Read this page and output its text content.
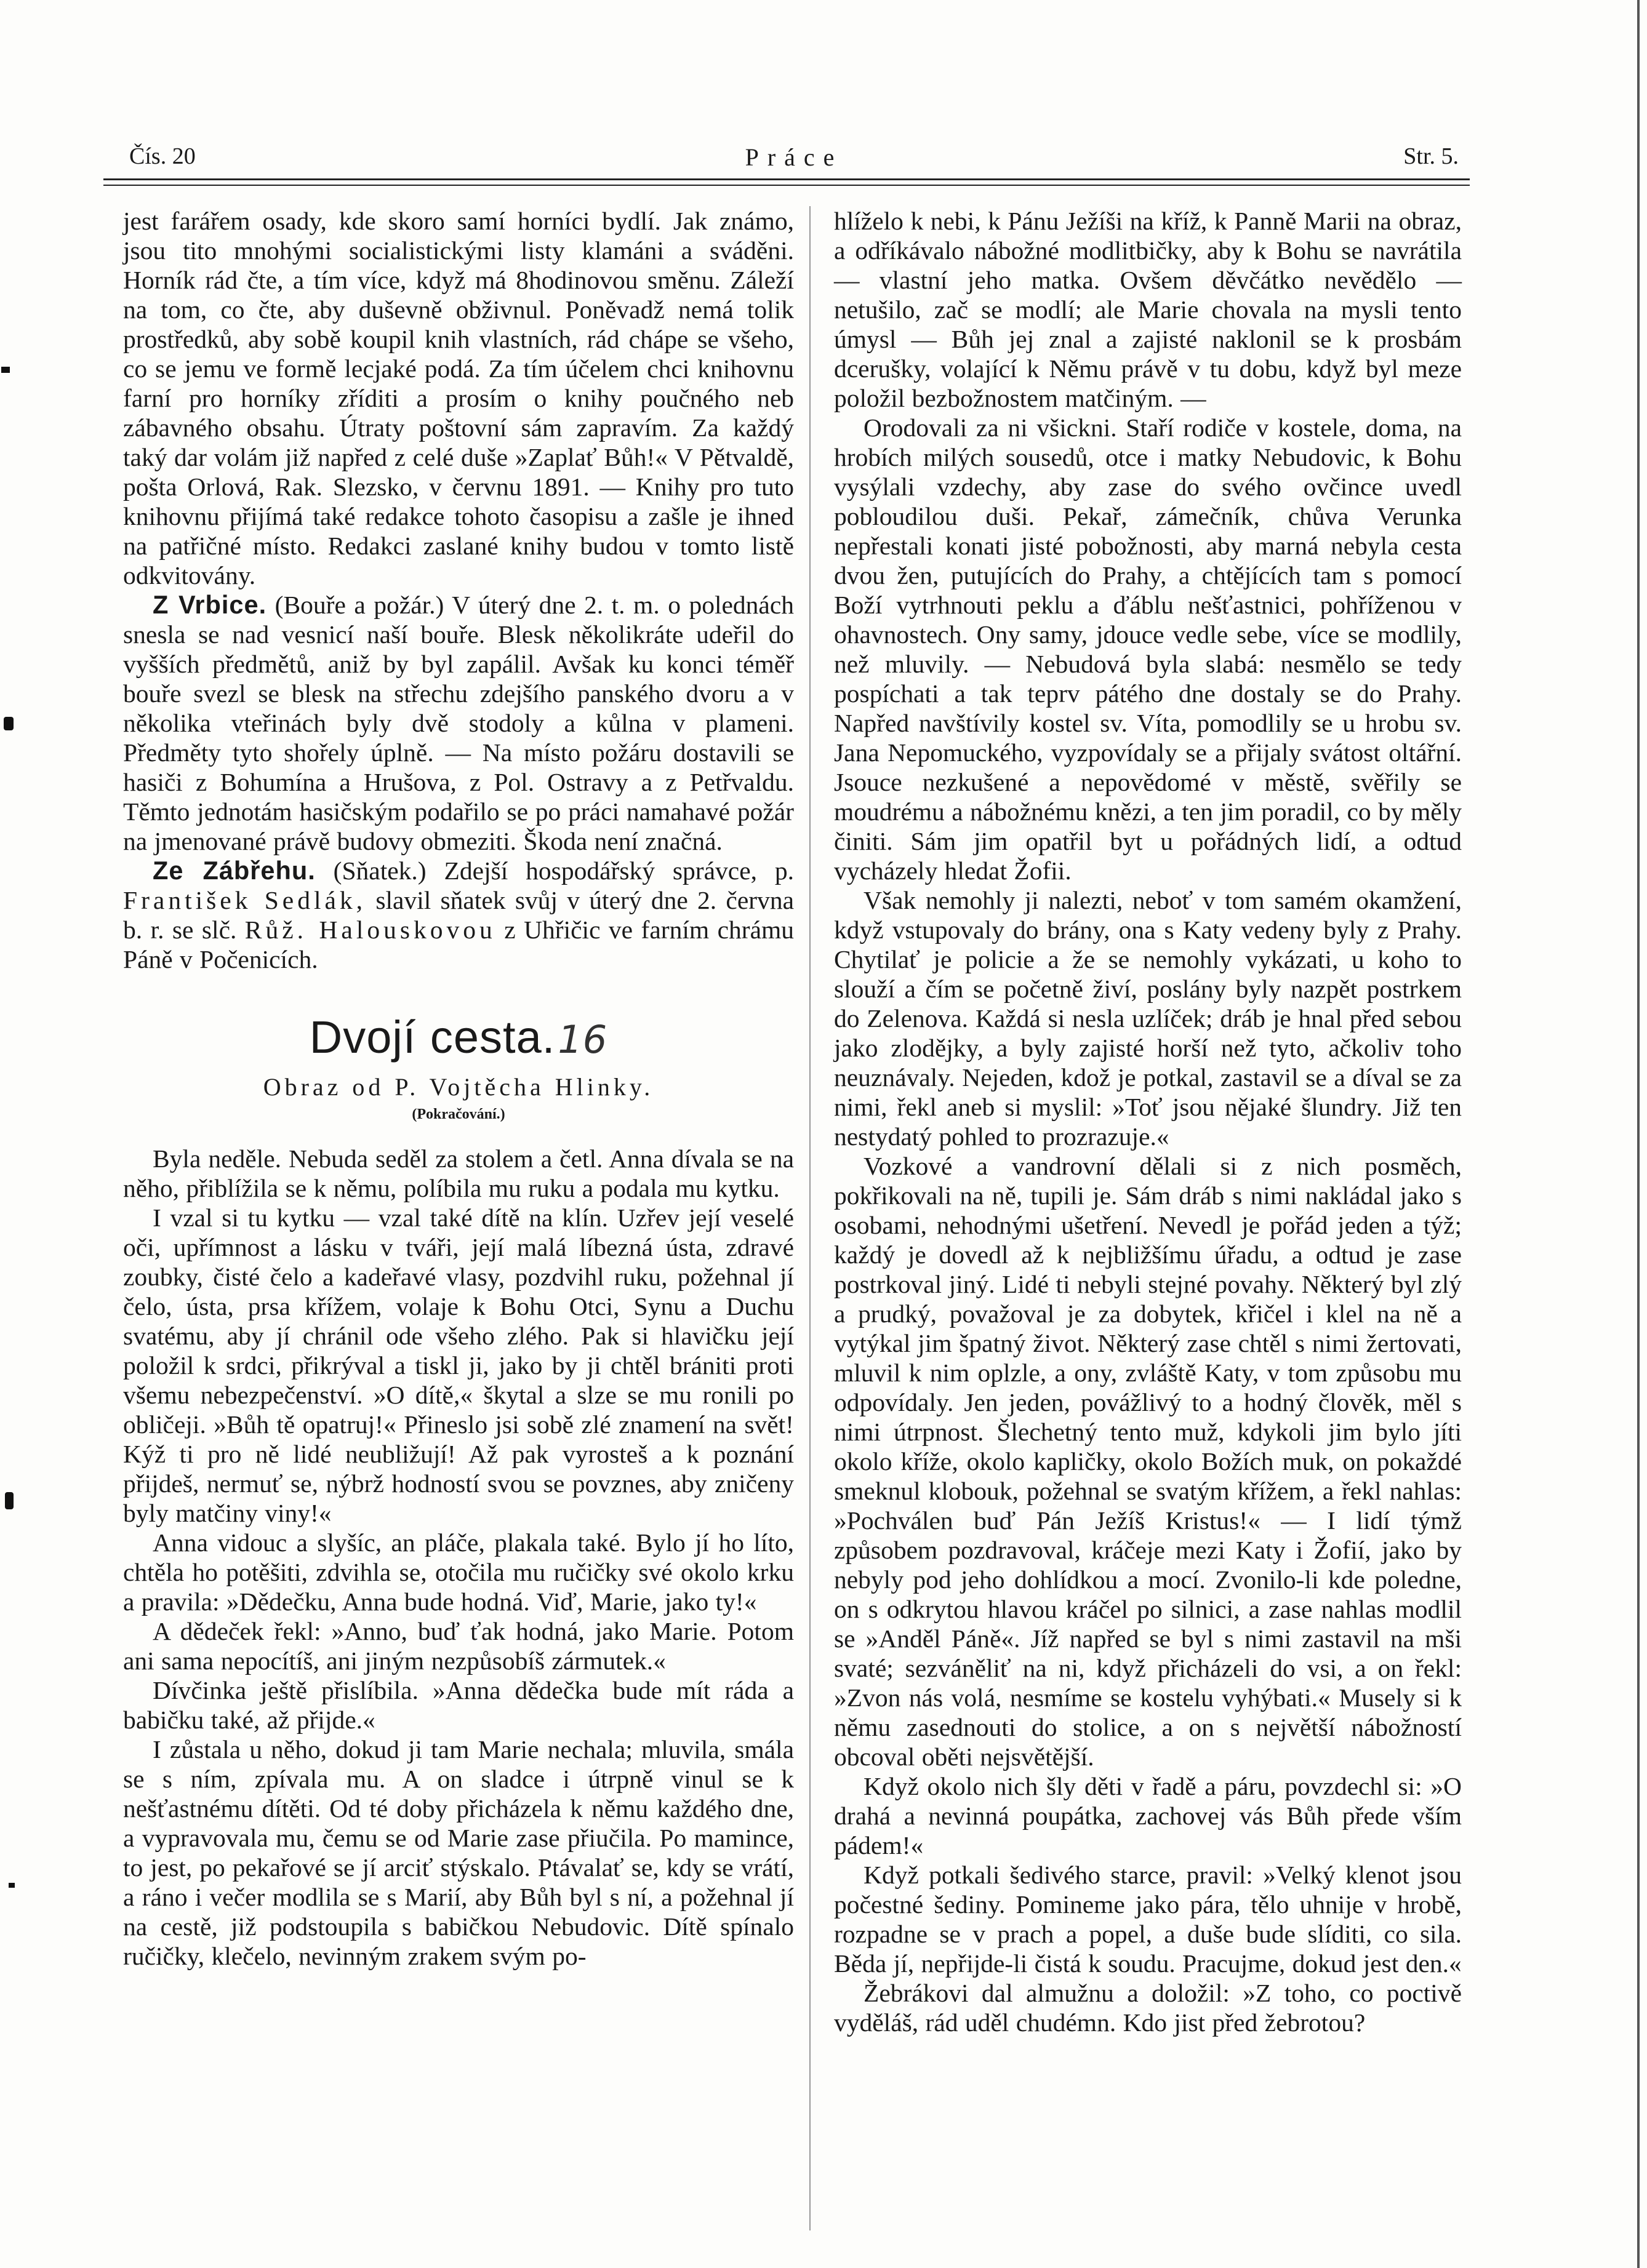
Čís. 20	Práce	Str. 5.

jest farářem osady, kde skoro samí horníci bydlí. Jak známo, jsou tito mnohými socialistickými listy klamáni a sváděni. Horník rád čte, a tím více, když má 8hodinovou směnu. Záleží na tom, co čte, aby duševně obživnul. Poněvadž nemá tolik prostředků, aby sobě koupil knih vlastních, rád chápe se všeho, co se jemu ve formě lecjaké podá. Za tím účelem chci knihovnu farní pro horníky zříditi a prosím o knihy poučného neb zábavného obsahu. Útraty poštovní sám zapravím. Za každý taký dar volám již napřed z celé duše »Zaplať Bůh!« V Pětvaldě, pošta Orlová, Rak. Slezsko, v červnu 1891. — Knihy pro tuto knihovnu přijímá také redakce tohoto časopisu a zašle je ihned na patřičné místo. Redakci zaslané knihy budou v tomto listě odkvitovány.

Z Vrbice. (Bouře a požár.) V úterý dne 2. t. m. o polednách snesla se nad vesnicí naší bouře. Blesk několikráte udeřil do vyšších předmětů, aniž by byl zapálil. Avšak ku konci téměř bouře svezl se blesk na střechu zdejšího panského dvoru a v několika vteřinách byly dvě stodoly a kůlna v plameni. Předměty tyto shořely úplně. — Na místo požáru dostavili se hasiči z Bohumína a Hrušova, z Pol. Ostravy a z Petřvaldu. Těmto jednotám hasičským podařilo se po práci namahavé požár na jmenované právě budovy obmeziti. Škoda není značná.

Ze Zábřehu. (Sňatek.) Zdejší hospodářský správce, p. František Sedlák, slavil sňatek svůj v úterý dne 2. června b. r. se slč. Růž. Halouskovou z Uhřičic ve farním chrámu Páně v Počenicích.

Dvojí cesta.16
Obraz od P. Vojtěcha Hlinky.
(Pokračování.)

Byla neděle. Nebuda seděl za stolem a četl. Anna dívala se na něho, přiblížila se k němu, políbila mu ruku a podala mu kytku.

I vzal si tu kytku — vzal také dítě na klín. Uzřev její veselé oči, upřímnost a lásku v tváři, její malá líbezná ústa, zdravé zoubky, čisté čelo a kadeřavé vlasy, pozdvihl ruku, požehnal jí čelo, ústa, prsa křížem, volaje k Bohu Otci, Synu a Duchu svatému, aby jí chránil ode všeho zlého. Pak si hlavičku její položil k srdci, přikrýval a tiskl ji, jako by ji chtěl brániti proti všemu nebezpečenství. »O dítě,« škytal a slze se mu ronili po obličeji. »Bůh tě opatruj!« Přineslo jsi sobě zlé znamení na svět! Kýž ti pro ně lidé neubližují! Až pak vyrosteš a k poznání přijdeš, nermuť se, nýbrž hodností svou se povznes, aby zničeny byly matčiny viny!«

Anna vidouc a slyšíc, an pláče, plakala také. Bylo jí ho líto, chtěla ho potěšiti, zdvihla se, otočila mu ručičky své okolo krku a pravila: »Dědečku, Anna bude hodná. Viď, Marie, jako ty!«

A dědeček řekl: »Anno, buď ťak hodná, jako Marie. Potom ani sama nepocítíš, ani jiným nezpůsobíš zármutek.«

Dívčinka ještě přislíbila. »Anna dědečka bude mít ráda a babičku také, až přijde.«

I zůstala u něho, dokud ji tam Marie nechala; mluvila, smála se s ním, zpívala mu. A on sladce i útrpně vinul se k nešťastnému dítěti. Od té doby přicházela k němu každého dne, a vypravovala mu, čemu se od Marie zase přiučila. Po mamince, to jest, po pekařové se jí arciť stýskalo. Ptávalať se, kdy se vrátí, a ráno i večer modlila se s Marií, aby Bůh byl s ní, a požehnal jí na cestě, již podstoupila s babičkou Nebudovic. Dítě spínalo ručičky, klečelo, nevinným zrakem svým po-

hlíželo k nebi, k Pánu Ježíši na kříž, k Panně Marii na obraz, a odříkávalo nábožné modlitbičky, aby k Bohu se navrátila — vlastní jeho matka. Ovšem děvčátko nevědělo — netušilo, zač se modlí; ale Marie chovala na mysli tento úmysl — Bůh jej znal a zajisté naklonil se k prosbám dcerušky, volající k Němu právě v tu dobu, když byl meze položil bezbožnostem matčiným. —

Orodovali za ni všickni. Staří rodiče v kostele, doma, na hrobích milých sousedů, otce i matky Nebudovic, k Bohu vysýlali vzdechy, aby zase do svého ovčince uvedl pobloudilou duši. Pekař, zámečník, chůva Verunka nepřestali konati jisté pobožnosti, aby marná nebyla cesta dvou žen, putujících do Prahy, a chtějících tam s pomocí Boží vytrhnouti peklu a ďáblu nešťastnici, pohříženou v ohavnostech. Ony samy, jdouce vedle sebe, více se modlily, než mluvily. — Nebudová byla slabá: nesmělo se tedy pospíchati a tak teprv pátého dne dostaly se do Prahy. Napřed navštívily kostel sv. Víta, pomodlily se u hrobu sv. Jana Nepomuckého, vyzpovídaly se a přijaly svátost oltářní. Jsouce nezkušené a nepovědomé v městě, svěřily se moudrému a nábožnému knězi, a ten jim poradil, co by měly činiti. Sám jim opatřil byt u pořádných lidí, a odtud vycházely hledat Žofii.

Však nemohly ji nalezti, neboť v tom samém okamžení, když vstupovaly do brány, ona s Katy vedeny byly z Prahy. Chytilať je policie a že se nemohly vykázati, u koho to slouží a čím se početně živí, poslány byly nazpět postrkem do Zelenova. Každá si nesla uzlíček; dráb je hnal před sebou jako zlodějky, a byly zajisté horší než tyto, ačkoliv toho neuznávaly. Nejeden, kdož je potkal, zastavil se a díval se za nimi, řekl aneb si myslil: »Toť jsou nějaké šlundry. Již ten nestydatý pohled to prozrazuje.«

Vozkové a vandrovní dělali si z nich posměch, pokřikovali na ně, tupili je. Sám dráb s nimi nakládal jako s osobami, nehodnými ušetření. Nevedl je pořád jeden a týž; každý je dovedl až k nejbližšímu úřadu, a odtud je zase postrkoval jiný. Lidé ti nebyli stejné povahy. Některý byl zlý a prudký, považoval je za dobytek, křičel i klel na ně a vytýkal jim špatný život. Některý zase chtěl s nimi žertovati, mluvil k nim oplzle, a ony, zvláště Katy, v tom způsobu mu odpovídaly. Jen jeden, povážlivý to a hodný člověk, měl s nimi útrpnost. Šlechetný tento muž, kdykoli jim bylo jíti okolo kříže, okolo kapličky, okolo Božích muk, on pokaždé smeknul klobouk, požehnal se svatým křížem, a řekl nahlas: »Pochválen buď Pán Ježíš Kristus!« — I lidí týmž způsobem pozdravoval, kráčeje mezi Katy i Žofií, jako by nebyly pod jeho dohlídkou a mocí. Zvonilo-li kde poledne, on s odkrytou hlavou kráčel po silnici, a zase nahlas modlil se »Anděl Páně«. Jíž napřed se byl s nimi zastavil na mši svaté; sezváněliť na ni, když přicházeli do vsi, a on řekl: »Zvon nás volá, nesmíme se kostelu vyhýbati.« Musely si k němu zasednouti do stolice, a on s největší nábožností obcoval oběti nejsvětější.

Když okolo nich šly děti v řadě a páru, povzdechl si: »O drahá a nevinná poupátka, zachovej vás Bůh přede vším pádem!«

Když potkali šedivého starce, pravil: »Velký klenot jsou počestné šediny. Pomineme jako pára, tělo uhnije v hrobě, rozpadne se v prach a popel, a duše bude slíditi, co sila. Běda jí, nepřijde-li čistá k soudu. Pracujme, dokud jest den.«

Žebrákovi dal almužnu a doložil: »Z toho, co poctivě vyděláš, rád uděl chudémn. Kdo jist před žebrotou?
